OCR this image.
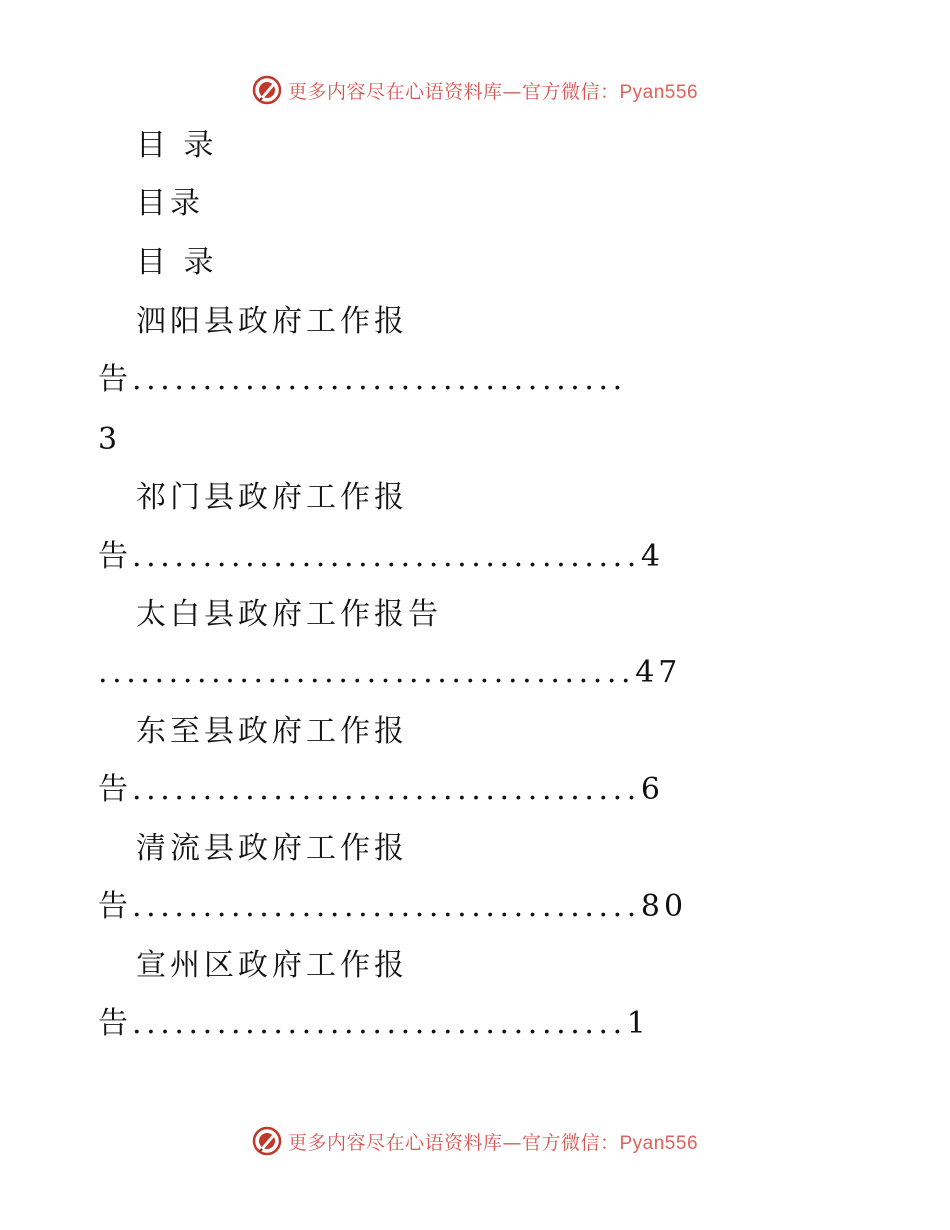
更多内容尽在心语资料库—官方微信：Pyan556
目 录
目录
目 录
泗阳县政府工作报
告...................................
3
祁门县政府工作报
告....................................4
太白县政府工作报告
......................................47
东至县政府工作报
告....................................6
清流县政府工作报
告....................................80
宣州区政府工作报
告...................................1
更多内容尽在心语资料库—官方微信：Pyan556
